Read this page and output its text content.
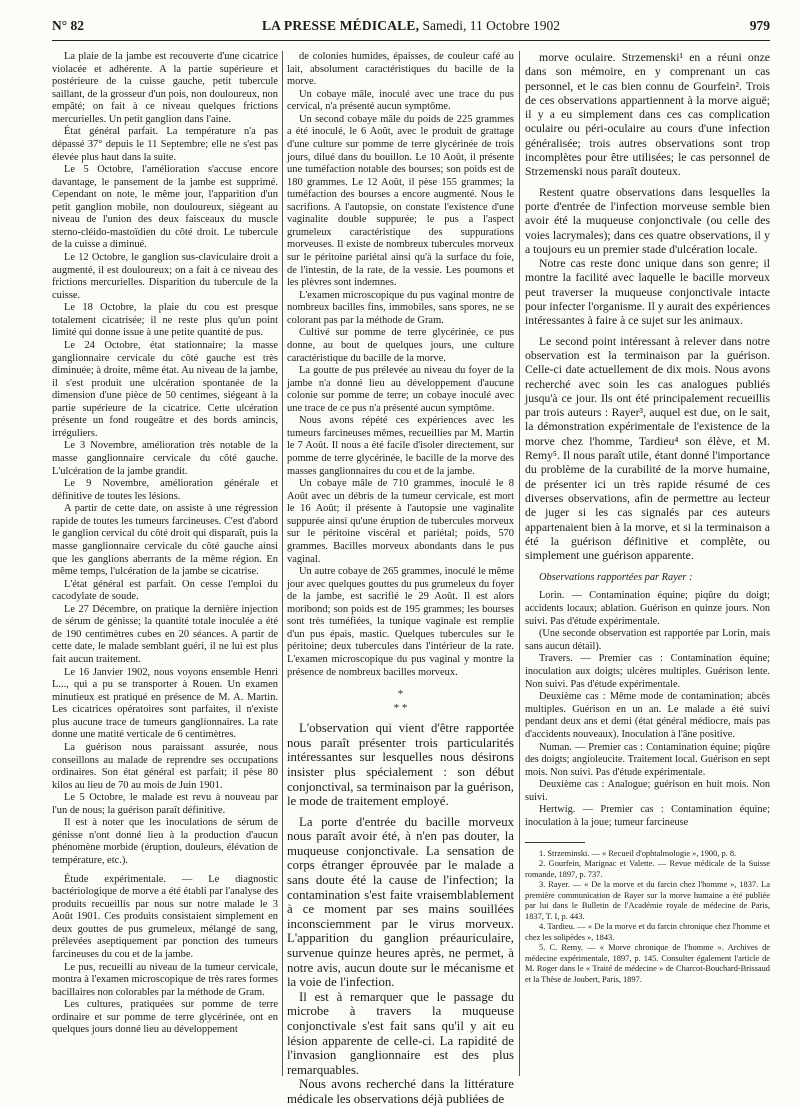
N° 82	LA PRESSE MÉDICALE, Samedi, 11 Octobre 1902	979

La plaie de la jambe est recouverte d'une cicatrice violacée et adhérente. A la partie supérieure et postérieure de la cuisse gauche, petit tubercule saillant, de la grosseur d'un pois, non douloureux, non empâté; on fait à ce niveau quelques frictions mercurielles. Un petit ganglion dans l'aine.

État général parfait. La température n'a pas dépassé 37° depuis le 11 Septembre; elle ne s'est pas élevée plus haut dans la suite.

Le 5 Octobre, l'amélioration s'accuse encore davantage, le pansement de la jambe est supprimé. Cependant on note, le même jour, l'apparition d'un petit ganglion mobile, non douloureux, siégeant au niveau de l'union des deux faisceaux du muscle sterno-cléido-mastoïdien du côté droit. Le tubercule de la cuisse a diminué.

Le 12 Octobre, le ganglion sus-claviculaire droit a augmenté, il est douloureux; on a fait à ce niveau des frictions mercurielles. Disparition du tubercule de la cuisse.

Le 18 Octobre, la plaie du cou est presque totalement cicatrisée; il ne reste plus qu'un point limité qui donne issue à une petite quantité de pus.

Le 24 Octobre, état stationnaire; la masse ganglionnaire cervicale du côté gauche est très diminuée; à droite, même état. Au niveau de la jambe, il s'est produit une ulcération spontanée de la dimension d'une pièce de 50 centimes, siégeant à la partie supérieure de la cicatrice. Cette ulcération présente un fond rougeâtre et des bords amincis, irréguliers.

Le 3 Novembre, amélioration très notable de la masse ganglionnaire cervicale du côté gauche. L'ulcération de la jambe grandit.

Le 9 Novembre, amélioration générale et définitive de toutes les lésions.

A partir de cette date, on assiste à une régression rapide de toutes les tumeurs farcineuses. C'est d'abord le ganglion cervical du côté droit qui disparaît, puis la masse ganglionnaire cervicale du côté gauche ainsi que les ganglions aberrants de la même région. En même temps, l'ulcération de la jambe se cicatrise.

L'état général est parfait. On cesse l'emploi du cacodylate de soude.

Le 27 Décembre, on pratique la dernière injection de sérum de génisse; la quantité totale inoculée a été de 190 centimètres cubes en 20 séances. A partir de cette date, le malade semblant guéri, il ne lui est plus fait aucun traitement.

Le 16 Janvier 1902, nous voyons ensemble Henri L..., qui a pu se transporter à Rouen. Un examen minutieux est pratiqué en présence de M. A. Martin. Les cicatrices opératoires sont parfaites, il n'existe plus aucune trace de tumeurs ganglionnaires. La rate donne une matité verticale de 6 centimètres.

La guérison nous paraissant assurée, nous conseillons au malade de reprendre ses occupations ordinaires. Son état général est parfait; il pèse 80 kilos au lieu de 70 au mois de Juin 1901.

Le 5 Octobre, le malade est revu à nouveau par l'un de nous; la guérison paraît définitive.

Il est à noter que les inoculations de sérum de génisse n'ont donné lieu à la production d'aucun phénomène morbide (éruption, douleurs, élévation de température, etc.).

Étude expérimentale. — Le diagnostic bactériologique de morve a été établi par l'analyse des produits recueillis par nous sur notre malade le 3 Août 1901. Ces produits consistaient simplement en deux gouttes de pus grumeleux, mélangé de sang, prélevées aseptiquement par ponction des tumeurs farcineuses du cou et de la jambe.

Le pus, recueilli au niveau de la tumeur cervicale, montra à l'examen microscopique de très rares formes bacillaires non colorables par la méthode de Gram.

Les cultures, pratiquées sur pomme de terre ordinaire et sur pomme de terre glycérinée, ont en quelques jours donné lieu au développement

de colonies humides, épaisses, de couleur café au lait, absolument caractéristiques du bacille de la morve.

Un cobaye mâle, inoculé avec une trace du pus cervical, n'a présenté aucun symptôme.

Un second cobaye mâle du poids de 225 grammes a été inoculé, le 6 Août, avec le produit de grattage d'une culture sur pomme de terre glycérinée de trois jours, dilué dans du bouillon. Le 10 Août, il présente une tuméfaction notable des bourses; son poids est de 180 grammes. Le 12 Août, il pèse 155 grammes; la tuméfaction des bourses a encore augmenté. Nous le sacrifions. A l'autopsie, on constate l'existence d'une vaginalite double suppurée; le pus a l'aspect grumeleux caractéristique des suppurations morveuses. Il existe de nombreux tubercules morveux sur le péritoine pariétal ainsi qu'à la surface du foie, de l'intestin, de la rate, de la vessie. Les poumons et les plèvres sont indemnes.

L'examen microscopique du pus vaginal montre de nombreux bacilles fins, immobiles, sans spores, ne se colorant pas par la méthode de Gram.

Cultivé sur pomme de terre glycérinée, ce pus donne, au bout de quelques jours, une culture caractéristique du bacille de la morve.

La goutte de pus prélevée au niveau du foyer de la jambe n'a donné lieu au développement d'aucune colonie sur pomme de terre; un cobaye inoculé avec une trace de ce pus n'a présenté aucun symptôme.

Nous avons répété ces expériences avec les tumeurs farcineuses mêmes, recueillies par M. Martin le 7 Août. Il nous a été facile d'isoler directement, sur pomme de terre glycérinée, le bacille de la morve des masses ganglionnaires du cou et de la jambe.

Un cobaye mâle de 710 grammes, inoculé le 8 Août avec un débris de la tumeur cervicale, est mort le 16 Août; il présente à l'autopsie une vaginalite suppurée ainsi qu'une éruption de tubercules morveux sur le péritoine viscéral et pariétal; poids, 570 grammes. Bacilles morveux abondants dans le pus vaginal.

Un autre cobaye de 265 grammes, inoculé le même jour avec quelques gouttes du pus grumeleux du foyer de la jambe, est sacrifié le 29 Août. Il est alors moribond; son poids est de 195 grammes; les bourses sont très tuméfiées, la tunique vaginale est remplie d'un pus épais, mastic. Quelques tubercules sur le péritoine; deux tubercules dans l'intérieur de la rate. L'examen microscopique du pus vaginal y montre la présence de nombreux bacilles morveux.

*
* *

L'observation qui vient d'être rapportée nous paraît présenter trois particularités intéressantes sur lesquelles nous désirons insister plus spécialement : son début conjonctival, sa terminaison par la guérison, le mode de traitement employé.

La porte d'entrée du bacille morveux nous paraît avoir été, à n'en pas douter, la muqueuse conjonctivale. La sensation de corps étranger éprouvée par le malade a sans doute été la cause de l'infection; la contamination s'est faite vraisemblablement à ce moment par ses mains souillées inconsciemment par le virus morveux. L'apparition du ganglion préauriculaire, survenue quinze heures après, ne permet, à notre avis, aucun doute sur le mécanisme et la voie de l'infection.

Il est à remarquer que le passage du microbe à travers la muqueuse conjonctivale s'est fait sans qu'il y ait eu lésion apparente de celle-ci. La rapidité de l'invasion ganglionnaire est des plus remarquables.

Nous avons recherché dans la littérature médicale les observations déjà publiées de

morve oculaire. Strzemenski¹ en a réuni onze dans son mémoire, en y comprenant un cas personnel, et le cas bien connu de Gourfein². Trois de ces observations appartiennent à la morve aiguë; il y a eu simplement dans ces cas complication oculaire ou péri-oculaire au cours d'une infection généralisée; trois autres observations sont trop incomplètes pour être utilisées; le cas personnel de Strzemenski nous paraît douteux.

Restent quatre observations dans lesquelles la porte d'entrée de l'infection morveuse semble bien avoir été la muqueuse conjonctivale (ou celle des voies lacrymales); dans ces quatre observations, il y a toujours eu un premier stade d'ulcération locale.

Notre cas reste donc unique dans son genre; il montre la facilité avec laquelle le bacille morveux peut traverser la muqueuse conjonctivale intacte pour infecter l'organisme. Il y aurait des expériences intéressantes à faire à ce sujet sur les animaux.

Le second point intéressant à relever dans notre observation est la terminaison par la guérison. Celle-ci date actuellement de dix mois. Nous avons recherché avec soin les cas analogues publiés jusqu'à ce jour. Ils ont été principalement recueillis par trois auteurs : Rayer³, auquel est due, on le sait, la démonstration expérimentale de l'existence de la morve chez l'homme, Tardieu⁴ son élève, et M. Remy⁵. Il nous paraît utile, étant donné l'importance du problème de la curabilité de la morve humaine, de présenter ici un très rapide résumé de ces diverses observations, afin de permettre au lecteur de juger si les cas signalés par ces auteurs appartenaient bien à la morve, et si la terminaison a été la guérison définitive et complète, ou simplement une guérison apparente.

Observations rapportées par Rayer :

Lorin. — Contamination équine; piqûre du doigt; accidents locaux; ablation. Guérison en quinze jours. Non suivi. Pas d'étude expérimentale.

(Une seconde observation est rapportée par Lorin, mais sans aucun détail).

Travers. — Premier cas : Contamination équine; inoculation aux doigts; ulcères multiples. Guérison lente. Non suivi. Pas d'étude expérimentale.

Deuxième cas : Même mode de contamination; abcès multiples. Guérison en un an. Le malade a été suivi pendant deux ans et demi (état général médiocre, mais pas d'accidents nouveaux). Inoculation à l'âne positive.

Numan. — Premier cas : Contamination équine; piqûre des doigts; angioleucite. Traitement local. Guérison en sept mois. Non suivi. Pas d'étude expérimentale.

Deuxième cas : Analogue; guérison en huit mois. Non suivi.

Hertwig. — Premier cas : Contamination équine; inoculation à la joue; tumeur farcineuse

1. Strzeminski. — « Recueil d'ophtalmologie », 1900, p. 8.

2. Gourfein, Marignac et Valette. — Revue médicale de la Suisse romande, 1897, p. 737.

3. Rayer. — « De la morve et du farcin chez l'homme », 1837. La première communication de Rayer sur la morve humaine a été publiée par lui dans le Bulletin de l'Académie royale de médecine de Paris, 1837, T. I, p. 443.

4. Tardieu. — « De la morve et du farcin chronique chez l'homme et chez les solipèdes », 1843.

5. C. Remy. — « Morve chronique de l'homme ». Archives de médecine expérimentale, 1897, p. 145. Consulter également l'article de M. Roger dans le « Traité de médecine » de Charcot-Bouchard-Brissaud et la Thèse de Joubert, Paris, 1897.
